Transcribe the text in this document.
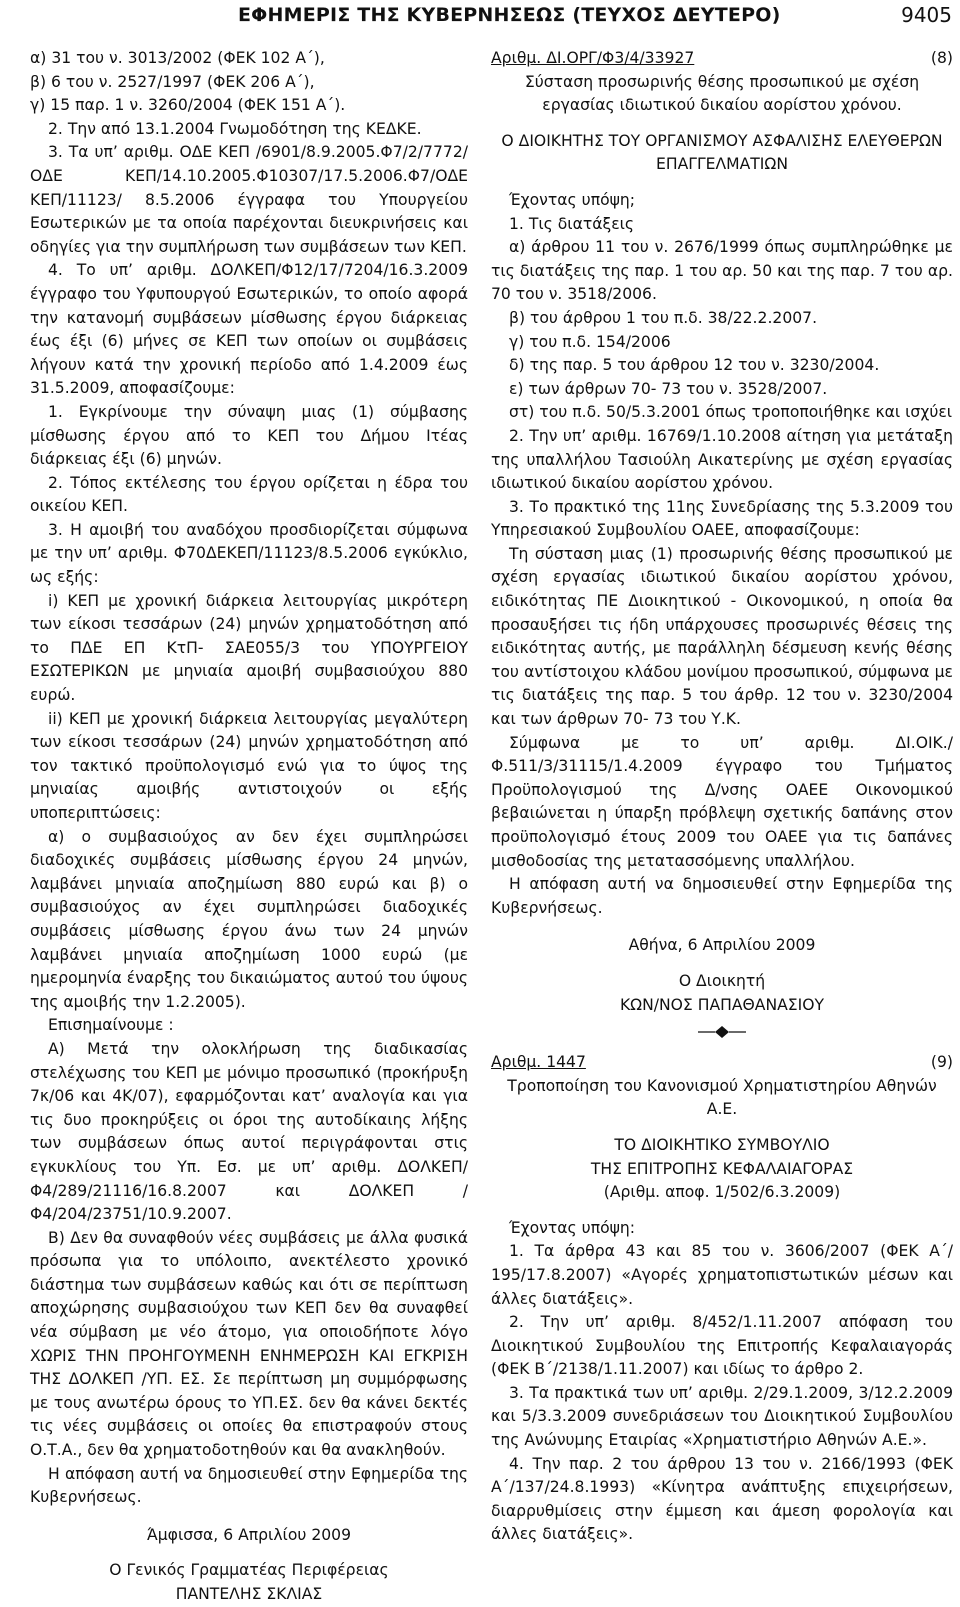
ΕΦΗΜΕΡΙΣ ΤΗΣ ΚΥΒΕΡΝΗΣΕΩΣ (ΤΕΥΧΟΣ ΔΕΥΤΕΡΟ)	9405

α) 31 του ν. 3013/2002 (ΦΕΚ 102 Α΄),

β) 6 του ν. 2527/1997 (ΦΕΚ 206 Α΄),

γ) 15 παρ. 1 ν. 3260/2004 (ΦΕΚ 151 Α΄).

2. Την από 13.1.2004 Γνωμοδότηση της ΚΕΔΚΕ.

3. Τα υπ’ αριθμ. ΟΔΕ ΚΕΠ /6901/8.9.2005.Φ7/2/7772/ ΟΔΕ ΚΕΠ/14.10.2005.Φ10307/17.5.2006.Φ7/ΟΔΕ ΚΕΠ/11123/ 8.5.2006 έγγραφα του Υπουργείου Εσωτερικών με τα οποία παρέχονται διευκρινήσεις και οδηγίες για την συμπλήρωση των συμβάσεων των ΚΕΠ.

4. Το υπ’ αριθμ. ΔΟΛΚΕΠ/Φ12/17/7204/16.3.2009 έγγραφο του Υφυπουργού Εσωτερικών, το οποίο αφορά την κατανομή συμβάσεων μίσθωσης έργου διάρκειας έως έξι (6) μήνες σε ΚΕΠ των οποίων οι συμβάσεις λήγουν κατά την χρονική περίοδο από 1.4.2009 έως 31.5.2009, αποφασίζουμε:

1. Εγκρίνουμε την σύναψη μιας (1) σύμβασης μίσθωσης έργου από το ΚΕΠ του Δήμου Ιτέας διάρκειας έξι (6) μηνών.

2. Τόπος εκτέλεσης του έργου ορίζεται η έδρα του οικείου ΚΕΠ.

3. Η αμοιβή του αναδόχου προσδιορίζεται σύμφωνα με την υπ’ αριθμ. Φ70ΔΕΚΕΠ/11123/8.5.2006 εγκύκλιο, ως εξής:

i) ΚΕΠ με χρονική διάρκεια λειτουργίας μικρότερη των είκοσι τεσσάρων (24) μηνών χρηματοδότηση από το ΠΔΕ ΕΠ ΚτΠ- ΣΑΕ055/3 του ΥΠΟΥΡΓΕΙΟΥ ΕΣΩΤΕΡΙΚΩΝ με μηνιαία αμοιβή συμβασιούχου 880 ευρώ.

ii) ΚΕΠ με χρονική διάρκεια λειτουργίας μεγαλύτερη των είκοσι τεσσάρων (24) μηνών χρηματοδότηση από τον τακτικό προϋπολογισμό ενώ για το ύψος της μηνιαίας αμοιβής αντιστοιχούν οι εξής υποπεριπτώσεις:

α) ο συμβασιούχος αν δεν έχει συμπληρώσει διαδοχικές συμβάσεις μίσθωσης έργου 24 μηνών, λαμβάνει μηνιαία αποζημίωση 880 ευρώ και β) ο συμβασιούχος αν έχει συμπληρώσει διαδοχικές συμβάσεις μίσθωσης έργου άνω των 24 μηνών λαμβάνει μηνιαία αποζημίωση 1000 ευρώ (με ημερομηνία έναρξης του δικαιώματος αυτού του ύψους της αμοιβής την 1.2.2005).

Επισημαίνουμε :

Α) Μετά την ολοκλήρωση της διαδικασίας στελέχωσης του ΚΕΠ με μόνιμο προσωπικό (προκήρυξη 7κ/06 και 4Κ/07), εφαρμόζονται κατ’ αναλογία και για τις δυο προκηρύξεις οι όροι της αυτοδίκαιης λήξης των συμβάσεων όπως αυτοί περιγράφονται στις εγκυκλίους του Υπ. Εσ. με υπ’ αριθμ. ΔΟΛΚΕΠ/Φ4/289/21116/16.8.2007 και ΔΟΛΚΕΠ /Φ4/204/23751/10.9.2007.

Β) Δεν θα συναφθούν νέες συμβάσεις με άλλα φυσικά πρόσωπα για το υπόλοιπο, ανεκτέλεστο χρονικό διάστημα των συμβάσεων καθώς και ότι σε περίπτωση αποχώρησης συμβασιούχου των ΚΕΠ δεν θα συναφθεί νέα σύμβαση με νέο άτομο, για οποιοδήποτε λόγο ΧΩΡΙΣ ΤΗΝ ΠΡΟΗΓΟΥΜΕΝΗ ΕΝΗΜΕΡΩΣΗ ΚΑΙ ΕΓΚΡΙΣΗ ΤΗΣ ΔΟΛΚΕΠ /ΥΠ. ΕΣ. Σε περίπτωση μη συμμόρφωσης με τους ανωτέρω όρους το ΥΠ.ΕΣ. δεν θα κάνει δεκτές τις νέες συμβάσεις οι οποίες θα επιστραφούν στους Ο.Τ.Α., δεν θα χρηματοδοτηθούν και θα ανακληθούν.

Η απόφαση αυτή να δημοσιευθεί στην Εφημερίδα της Κυβερνήσεως.

Άμφισσα, 6 Απριλίου 2009

Ο Γενικός Γραμματέας Περιφέρειας

ΠΑΝΤΕΛΗΣ ΣΚΛΙΑΣ

Αριθμ. ΔΙ.ΟΡΓ/Φ3/4/33927	(8)

Σύσταση προσωρινής θέσης προσωπικού με σχέση εργασίας ιδιωτικού δικαίου αορίστου χρόνου.

Ο ΔΙΟΙΚΗΤΗΣ ΤΟΥ ΟΡΓΑΝΙΣΜΟΥ ΑΣΦΑΛΙΣΗΣ ΕΛΕΥΘΕΡΩΝ ΕΠΑΓΓΕΛΜΑΤΙΩΝ

Έχοντας υπόψη;

1. Τις διατάξεις

α) άρθρου 11 του ν. 2676/1999 όπως συμπληρώθηκε με τις διατάξεις της παρ. 1 του αρ. 50 και της παρ. 7 του αρ. 70 του ν. 3518/2006.

β) του άρθρου 1 του π.δ. 38/22.2.2007.

γ) του π.δ. 154/2006

δ) της παρ. 5 του άρθρου 12 του ν. 3230/2004.

ε) των άρθρων 70- 73 του ν. 3528/2007.

στ) του π.δ. 50/5.3.2001 όπως τροποποιήθηκε και ισχύει

2. Την υπ’ αριθμ. 16769/1.10.2008 αίτηση για μετάταξη της υπαλλήλου Τασιούλη Αικατερίνης με σχέση εργασίας ιδιωτικού δικαίου αορίστου χρόνου.

3. Το πρακτικό της 11ης Συνεδρίασης της 5.3.2009 του Υπηρεσιακού Συμβουλίου ΟΑΕΕ, αποφασίζουμε:

Τη σύσταση μιας (1) προσωρινής θέσης προσωπικού με σχέση εργασίας ιδιωτικού δικαίου αορίστου χρόνου, ειδικότητας ΠΕ Διοικητικού - Οικονομικού, η οποία θα προσαυξήσει τις ήδη υπάρχουσες προσωρινές θέσεις της ειδικότητας αυτής, με παράλληλη δέσμευση κενής θέσης του αντίστοιχου κλάδου μονίμου προσωπικού, σύμφωνα με τις διατάξεις της παρ. 5 του άρθρ. 12 του ν. 3230/2004 και των άρθρων 70- 73 του Υ.Κ.

Σύμφωνα με το υπ’ αριθμ. ΔΙ.ΟΙΚ./Φ.511/3/31115/1.4.2009 έγγραφο του Τμήματος Προϋπολογισμού της Δ/νσης ΟΑΕΕ Οικονομικού βεβαιώνεται η ύπαρξη πρόβλεψη σχετικής δαπάνης στον προϋπολογισμό έτους 2009 του ΟΑΕΕ για τις δαπάνες μισθοδοσίας της μετατασσόμενης υπαλλήλου.

Η απόφαση αυτή να δημοσιευθεί στην Εφημερίδα της Κυβερνήσεως.

Αθήνα, 6 Απριλίου 2009

Ο Διοικητή

ΚΩΝ/ΝΟΣ ΠΑΠΑΘΑΝΑΣΙΟΥ

Αριθμ. 1447	(9)

Τροποποίηση του Κανονισμού Χρηματιστηρίου Αθηνών Α.Ε.

ΤΟ ΔΙΟΙΚΗΤΙΚΟ ΣΥΜΒΟΥΛΙΟ

ΤΗΣ ΕΠΙΤΡΟΠΗΣ ΚΕΦΑΛΑΙΑΓΟΡΑΣ

(Αριθμ. αποφ. 1/502/6.3.2009)

Έχοντας υπόψη:

1. Τα άρθρα 43 και 85 του ν. 3606/2007 (ΦΕΚ Α΄/ 195/17.8.2007) «Αγορές χρηματοπιστωτικών μέσων και άλλες διατάξεις».

2. Την υπ’ αριθμ. 8/452/1.11.2007 απόφαση του Διοικητικού Συμβουλίου της Επιτροπής Κεφαλαιαγοράς (ΦΕΚ Β΄/2138/1.11.2007) και ιδίως το άρθρο 2.

3. Τα πρακτικά των υπ’ αριθμ. 2/29.1.2009, 3/12.2.2009 και 5/3.3.2009 συνεδριάσεων του Διοικητικού Συμβουλίου της Ανώνυμης Εταιρίας «Χρηματιστήριο Αθηνών Α.Ε.».

4. Την παρ. 2 του άρθρου 13 του ν. 2166/1993 (ΦΕΚ Α΄/137/24.8.1993) «Κίνητρα ανάπτυξης επιχειρήσεων, διαρρυθμίσεις στην έμμεση και άμεση φορολογία και άλλες διατάξεις».
